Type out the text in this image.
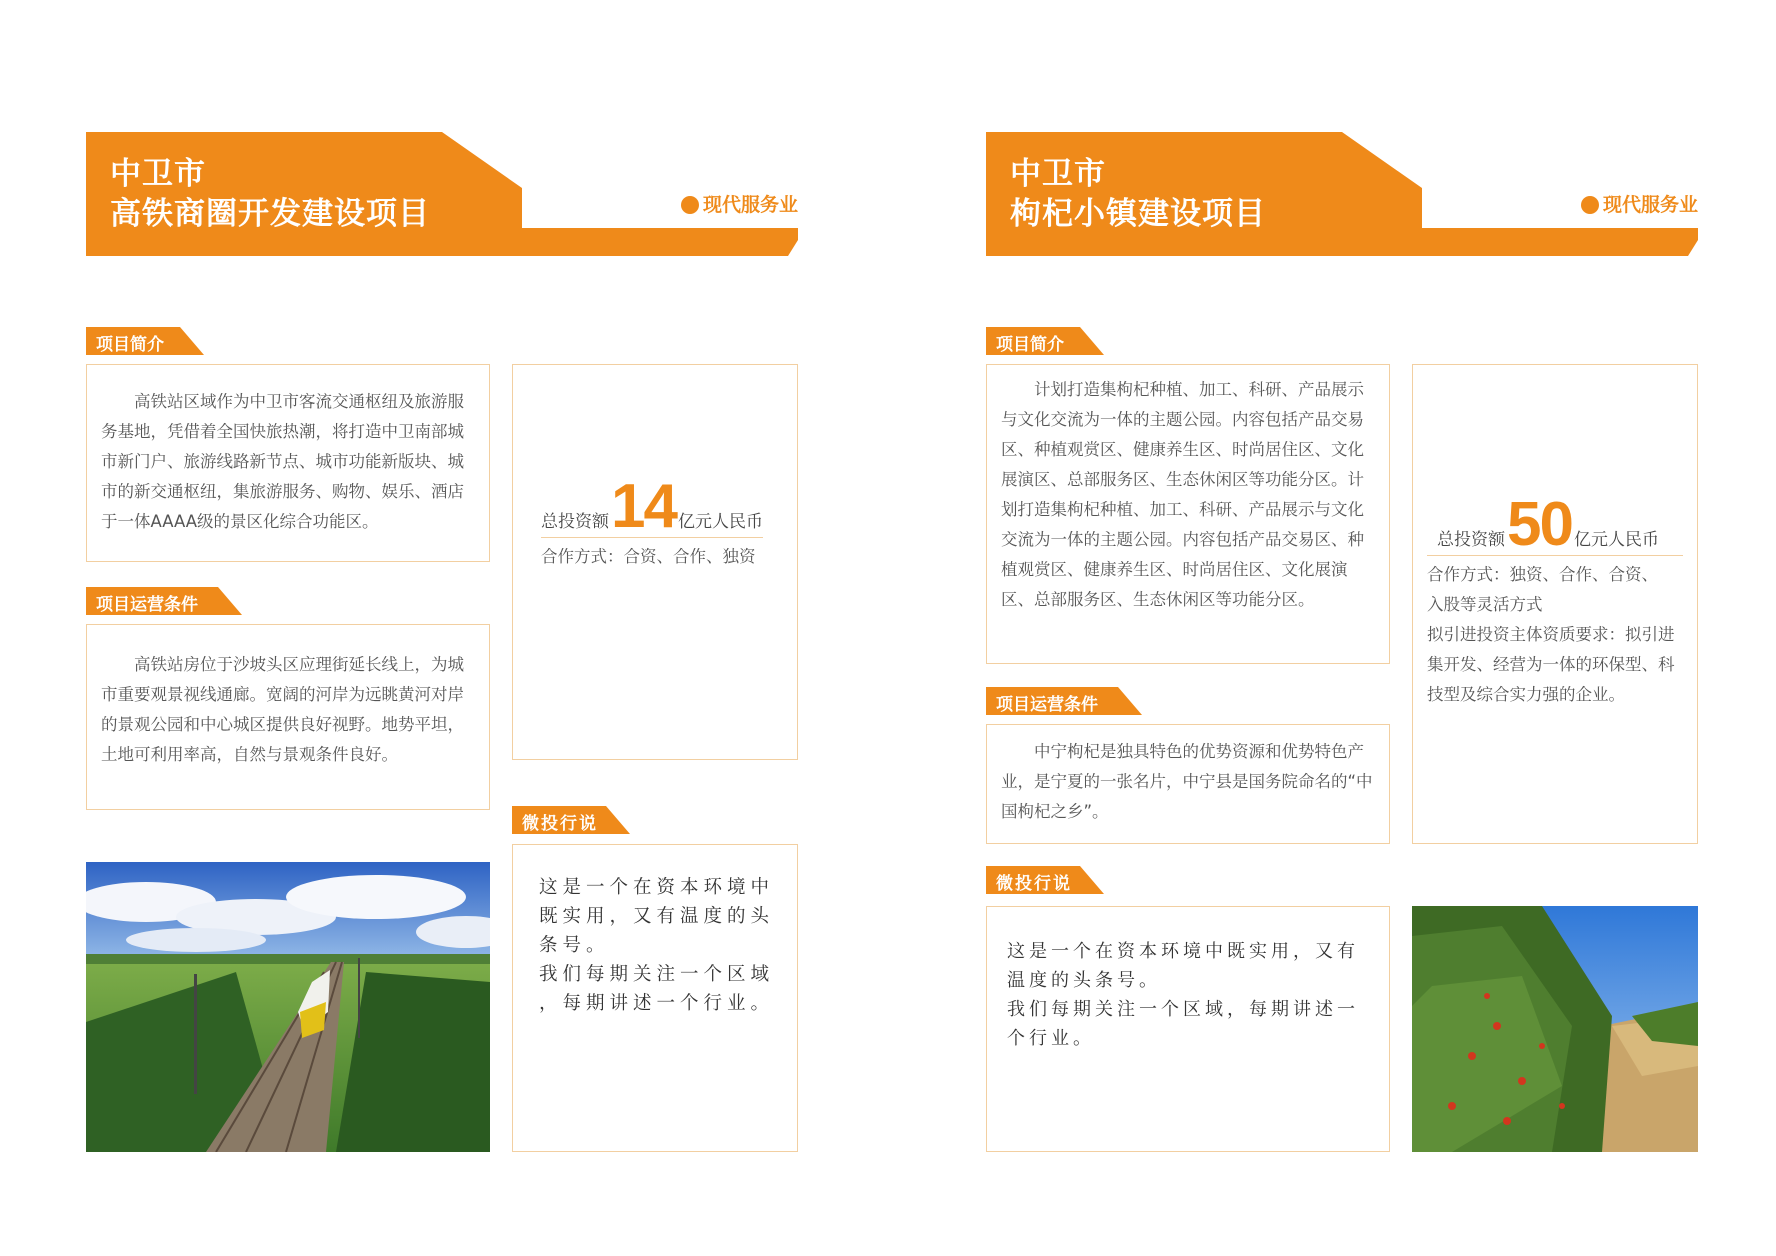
中卫市
高铁商圈开发建设项目	现代服务业
项目简介
高铁站区域作为中卫市客流交通枢纽及旅游服务基地，凭借着全国快旅热潮，将打造中卫南部城市新门户、旅游线路新节点、城市功能新版块、城市的新交通枢纽，集旅游服务、购物、娱乐、酒店于一体AAAA级的景区化综合功能区。
项目运营条件
高铁站房位于沙坡头区应理街延长线上，为城市重要观景视线通廊。宽阔的河岸为远眺黄河对岸的景观公园和中心城区提供良好视野。地势平坦，土地可利用率高，自然与景观条件良好。
总投资额14 亿元人民币
合作方式：合资、合作、独资
微投行说
这是一个在资本环境中
既实用，又有温度的头
条号。
我们每期关注一个区域
，每期讲述一个行业。
中卫市
枸杞小镇建设项目	现代服务业
项目简介
计划打造集枸杞种植、加工、科研、产品展示与文化交流为一体的主题公园。内容包括产品交易区、种植观赏区、健康养生区、时尚居住区、文化展演区、总部服务区、生态休闲区等功能分区。计划打造集枸杞种植、加工、科研、产品展示与文化交流为一体的主题公园。内容包括产品交易区、种植观赏区、健康养生区、时尚居住区、文化展演区、总部服务区、生态休闲区等功能分区。
项目运营条件
中宁枸杞是独具特色的优势资源和优势特色产业，是宁夏的一张名片，中宁县是国务院命名的“中国枸杞之乡”。
总投资额50 亿元人民币
合作方式：独资、合作、合资、
入股等灵活方式
拟引进投资主体资质要求：拟引进集开发、经营为一体的环保型、科技型及综合实力强的企业。
微投行说
这是一个在资本环境中既实用，又有
温度的头条号。
我们每期关注一个区域，每期讲述一
个行业。
